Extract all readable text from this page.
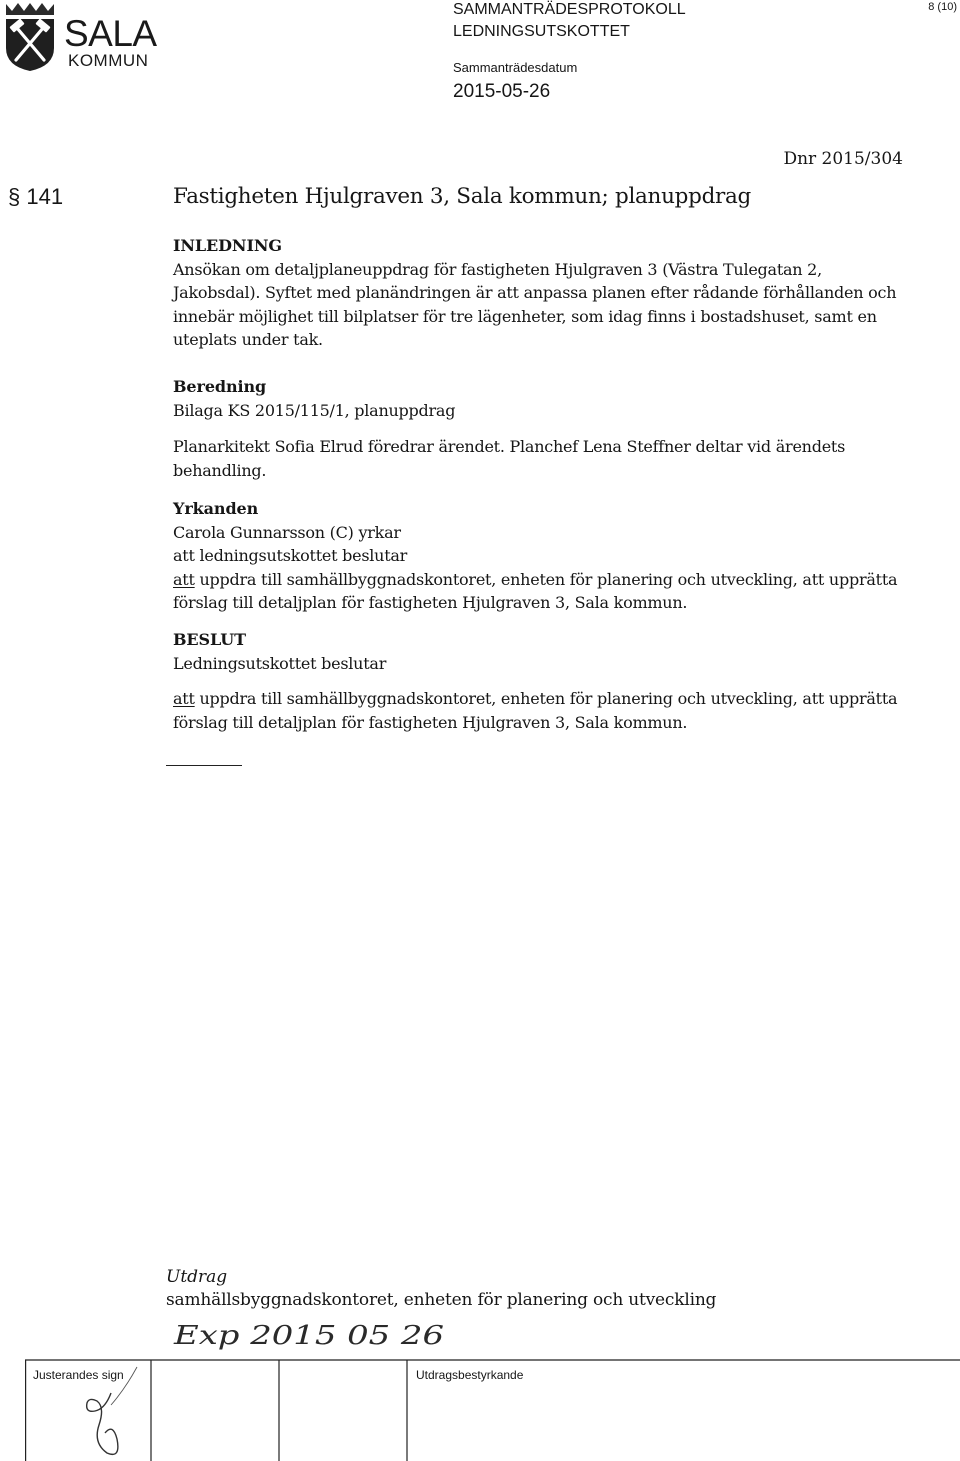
SALA
KOMMUN
SAMMANTRÄDESPROTOKOLL
LEDNINGSUTSKOTTET
Sammanträdesdatum
2015-05-26
8 (10)
Dnr 2015/304
§ 141	Fastigheten Hjulgraven 3, Sala kommun; planuppdrag
INLEDNING

Ansökan om detaljplaneuppdrag för fastigheten Hjulgraven 3 (Västra Tulegatan 2, Jakobsdal). Syftet med planändringen är att anpassa planen efter rådande förhållanden och innebär möjlighet till bilplatser för tre lägenheter, som idag finns i bostadshuset, samt en uteplats under tak.

Beredning
Bilaga KS 2015/115/1, planuppdrag

Planarkitekt Sofia Elrud föredrar ärendet. Planchef Lena Steffner deltar vid ärendets behandling.

Yrkanden
Carola Gunnarsson (C) yrkar
att ledningsutskottet beslutar

att uppdra till samhällbyggnadskontoret, enheten för planering och utveckling, att upprätta förslag till detaljplan för fastigheten Hjulgraven 3, Sala kommun.

BESLUT
Ledningsutskottet beslutar

att uppdra till samhällbyggnadskontoret, enheten för planering och utveckling, att upprätta förslag till detaljplan för fastigheten Hjulgraven 3, Sala kommun.

Utdrag
samhällsbyggnadskontoret, enheten för planering och utveckling
Exp 2015 05 26
Justerandes sign	Utdragsbestyrkande
